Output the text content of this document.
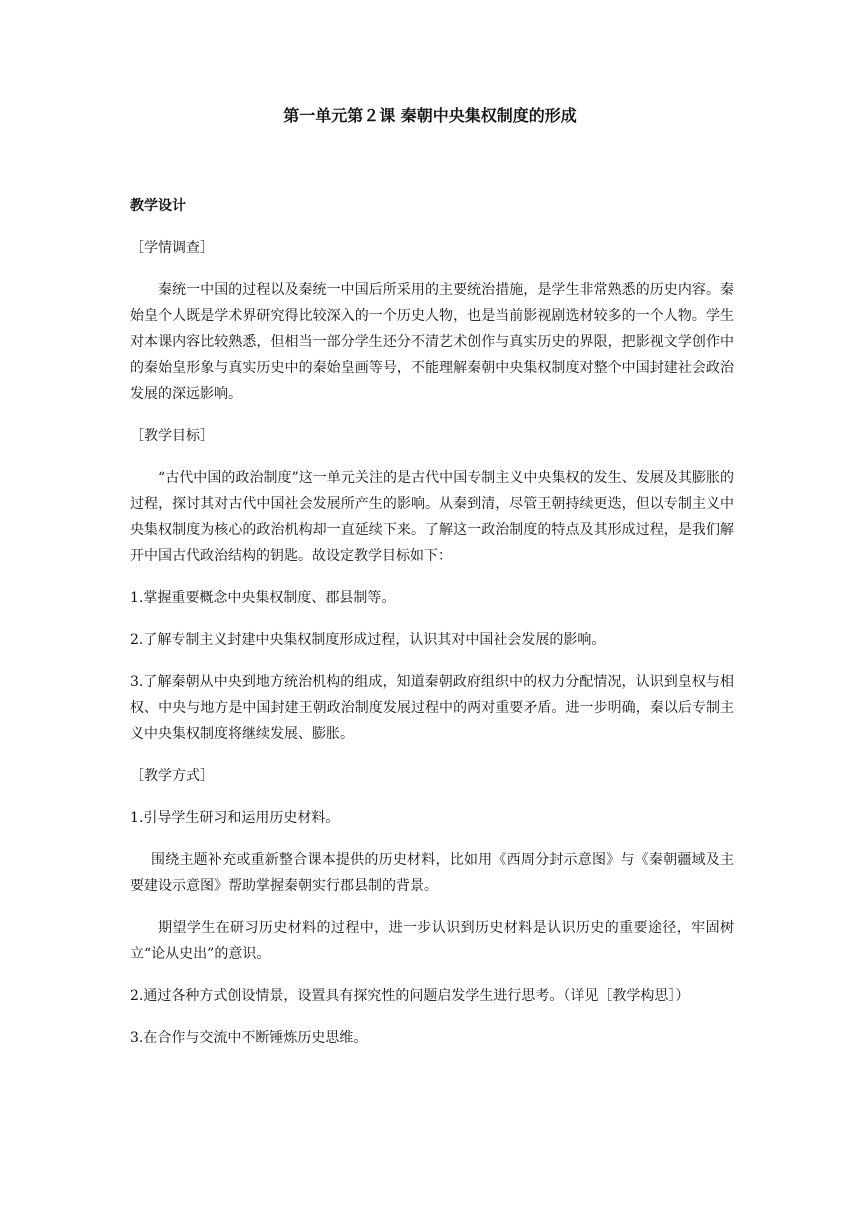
第一单元第２课 秦朝中央集权制度的形成

教学设计

［学情调查］

秦统一中国的过程以及秦统一中国后所采用的主要统治措施，是学生非常熟悉的历史内容。秦始皇个人既是学术界研究得比较深入的一个历史人物，也是当前影视剧选材较多的一个人物。学生对本课内容比较熟悉，但相当一部分学生还分不清艺术创作与真实历史的界限，把影视文学创作中的秦始皇形象与真实历史中的秦始皇画等号，不能理解秦朝中央集权制度对整个中国封建社会政治发展的深远影响。

［教学目标］

“古代中国的政治制度”这一单元关注的是古代中国专制主义中央集权的发生、发展及其膨胀的过程，探讨其对古代中国社会发展所产生的影响。从秦到清，尽管王朝持续更迭，但以专制主义中央集权制度为核心的政治机构却一直延续下来。了解这一政治制度的特点及其形成过程，是我们解开中国古代政治结构的钥匙。故设定教学目标如下：

1.掌握重要概念中央集权制度、郡县制等。

2.了解专制主义封建中央集权制度形成过程，认识其对中国社会发展的影响。

3.了解秦朝从中央到地方统治机构的组成，知道秦朝政府组织中的权力分配情况，认识到皇权与相权、中央与地方是中国封建王朝政治制度发展过程中的两对重要矛盾。进一步明确，秦以后专制主义中央集权制度将继续发展、膨胀。

［教学方式］

1.引导学生研习和运用历史材料。

围绕主题补充或重新整合课本提供的历史材料，比如用《西周分封示意图》与《秦朝疆域及主要建设示意图》帮助掌握秦朝实行郡县制的背景。

期望学生在研习历史材料的过程中，进一步认识到历史材料是认识历史的重要途径，牢固树立“论从史出”的意识。

2.通过各种方式创设情景，设置具有探究性的问题启发学生进行思考。（详见［教学构思］）

3.在合作与交流中不断锤炼历史思维。
